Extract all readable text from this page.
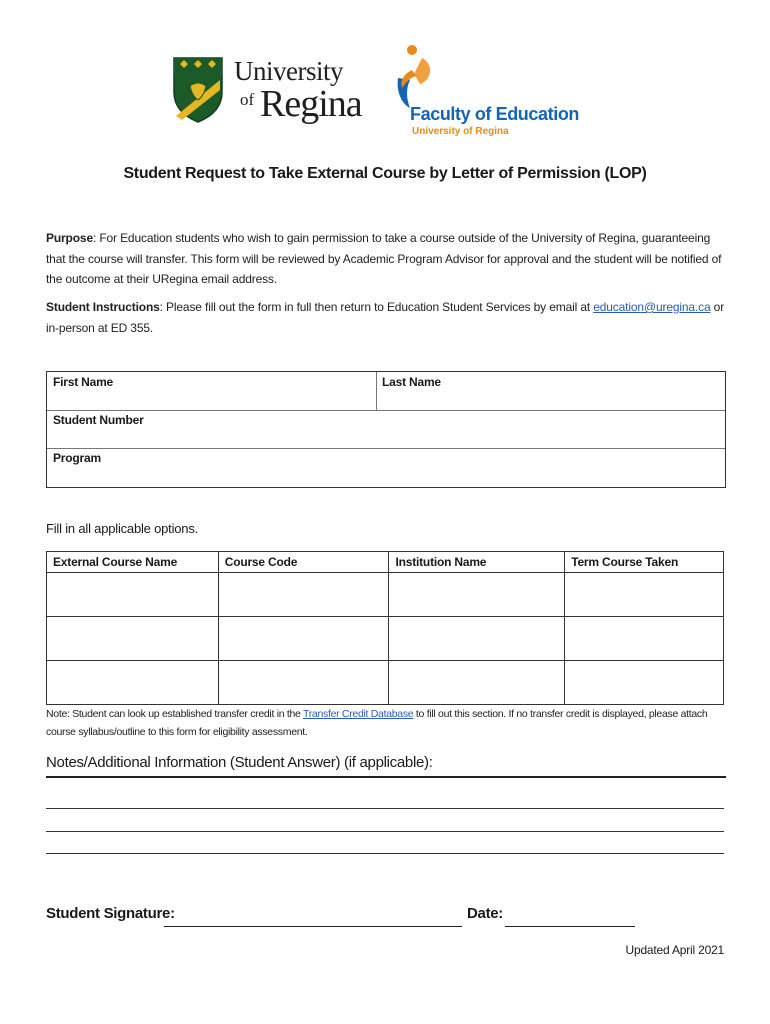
University
of Regina	Faculty of Education
University of Regina
Student Request to Take External Course by Letter of Permission (LOP)

Purpose: For Education students who wish to gain permission to take a course outside of the University of Regina, guaranteeing that the course will transfer. This form will be reviewed by Academic Program Advisor for approval and the student will be notified of the outcome at their URegina email address.

Student Instructions: Please fill out the form in full then return to Education Student Services by email at education@uregina.ca or in-person at ED 355.

First Name	Last Name
Student Number
Program
Fill in all applicable options.
External Course Name	Course Code	Institution Name	Term Course Taken

Note: Student can look up established transfer credit in the Transfer Credit Database to fill out this section. If no transfer credit is displayed, please attach course syllabus/outline to this form for eligibility assessment.

Notes/Additional Information (Student Answer) (if applicable):
Student Signature:	Date:
Updated April 2021
